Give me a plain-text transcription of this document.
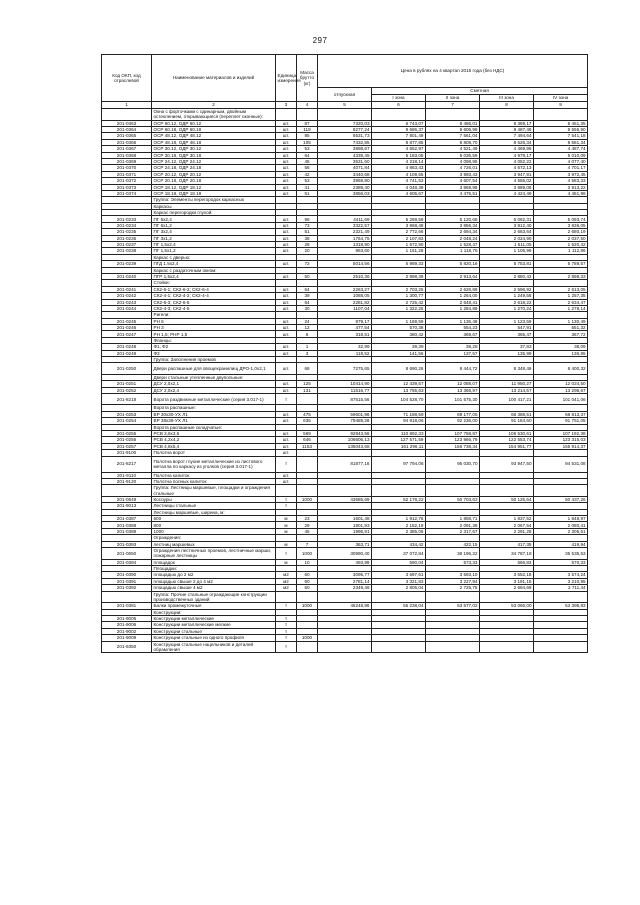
297
Код ОКП, код отраслевой	Наименование материалов и изделий	Единица измерения	Масса брутто (кг)	Цена в рублях на 4 квартал 2015 года (без НДС)				
				отпускная	Сметная			
					I зона	II зона	III зона	IV зона
1	2	3	4	5	6	7	8	9
	Окна с форточками с одинарным, двойным остеклением, открывающиеся (переплет оконные):							
201-0363	ОСР 60.12, ОДР 60.12	шт.	87	7320,03	6 743,07	8 486,01	8 369,17	8 451,35
201-0364	ОСР 60.18, ОДР 60.18	шт.	119	8277,24	9 686,37	9 606,99	9 487,49	9 556,90
201-0365	ОСР 48.12, ОДР 48.12	шт.	85	6531,73	7 801,49	7 561,04	7 494,64	7 541,18
201-0366	ОСР 48.18, ОДР 48.18	шт.	105	7432,85	8 877,85	8 808,70	8 526,34	8 581,34
201-0367	ОСР 30.12, ОДР 30.12	шт.	53	3898,67	4 652,97	4 521,49	4 469,96	4 487,74
201-0368	ОСР 30.18, ОДР 30.18	шт.	64	4339,45	5 183,05	5 036,59	4 979,17	5 010,09
201-0369	ОСР 24.12, ОДР 24.12	шт.	45	3531,60	4 218,14	4 098,95	4 052,22	4 077,40
201-0370	ОСР 24.18, ОДР 24.18	шт.	56	4071,84	4 863,43	4 726,01	4 672,13	4 701,17
201-0371	ОСР 20.12, ОДР 20.12	шт.	42	3440,68	4 109,55	3 993,43	3 947,91	3 972,45
201-0372	ОСР 20.18, ОДР 20.18	шт.	53	3969,80	4 741,53	4 607,54	4 555,02	4 583,33
201-0373	ОСР 18.12, ОДР 18.12	шт.	41	2389,40	4 048,39	3 869,98	3 889,06	3 913,22
201-0374	ОСР 18.18, ОДР 18.18	шт.	51	3856,03	4 605,67	4 475,51	4 424,49	4 451,98
	Группа: Элементы перегородок каркасных							
	Каркасы							
	Каркас перегородки глухой:							
201-0233	ПГ 6х2,4	шт.	96	4411,69	5 269,59	5 120,66	5 062,31	5 093,74
201-0234	ПГ 6х1,2	шт.	73	3322,57	3 968,48	3 856,34	3 812,40	3 836,05
201-0235	ПГ 3х2,4	шт.	51	2321,49	2 772,66	2 694,34	2 663,64	2 680,19
201-0236	ПГ 3х1,2	шт.	38	1764,75	2 107,83	2 048,24	2 024,90	2 037,50
201-0237	ПГ 1,5х2,4	шт.	28	1318,90	1 572,90	1 528,47	1 511,05	1 520,42
201-0238	ПГ 1,5х1,2	шт.	20	963,60	1 151,28	1 118,76	1 105,99	1 112,86
	Каркас с дверью:							
201-0239	ПГД 1,5х2,4	шт.	72	5014,56	5 989,33	5 820,16	5 753,81	5 789,57
	Каркас с раздаточным окном:							
201-0240	ПГР 1,5х2,4	шт.	50	2510,36	2 998,39	2 913,64	2 880,42	2 898,33
	Стойки:							
201-0241	СК2-6-1; СК2-6-2; СК2-6-4	шт.	64	2263,27	2 703,25	2 626,89	2 596,92	2 613,05
201-0242	СК2-4-1; СК2-4-2; СК2-4-4	шт.	39	1088,05	1 300,77	1 264,00	1 249,58	1 257,35
201-0243	СК2-6-3; СК2-6-5	шт.	64	2281,82	2 725,42	2 648,41	2 618,22	2 634,47
201-0244	СК2-4-3; СК2-4-5	шт.	30	1107,04	1 322,25	1 284,89	1 270,24	1 278,14
	Ригели:							
201-0245	РН 6	шт.	24	979,17	1 169,59	1 136,48	1 123,59	1 130,49
201-0246	РН 3	шт.	12	477,54	570,38	554,23	547,91	551,32
201-0247	РН 1,5; РНР 1,5	шт.	6	318,51	380,42	369,67	365,47	367,72
	Фланцы:							
201-0248	Ф1, Ф2	шт.	1	32,99	39,39	38,28	37,83	38,09
201-0249	Ф3	шт.	3	118,52	141,56	137,57	135,99	136,85
	Группа: Заполнения проемов							
201-0250	Двери распашные для овощехранилищ ДРО-1,0х2,1	шт.	68	7275,65	8 690,26	8 444,72	8 348,46	8 400,32
	Двери стальные утепленные двупольные:							
201-0251	ДСУ 2,0х2,1	шт.	125	10414,90	12 439,57	12 088,07	11 950,27	12 024,50
201-0252	ДСУ 2,0х2,4	шт.	131	11516,77	13 755,63	13 366,97	13 214,57	13 296,67
201-8218	Ворота раздвижные металлические (серия 3.017-1)	т		87515,56	104 528,70	101 575,30	100 417,21	101 041,06
	Ворота распашные:							
201-0253	ВР 30х30-УХ Л1	шт.	475	59601,96	71 188,59	69 177,05	68 388,51	68 813,37
201-0254	ВР 38х36-УХ Л1	шт.	635	79489,28	94 918,06	92 236,00	91 184,60	91 751,05
	Ворота распашные складчатые:							
201-0255	РСВ 3,6х3,6	шт.	569	92843,56	110 892,33	107 758,87	106 530,61	107 192,38
201-0256	РСВ 4,2х4,2	шт.	646	106606,13	127 571,59	123 966,79	122 553,74	123 315,03
201-0257	РСВ 4,8х5,4	шт.	1153	135043,68	161 296,11	156 738,34	154 951,77	155 914,37
201-9100	Полотна ворот	шт.						
201-8217	Полотна ворот глухие металлические из листового металла по каркасу из уголков (серия 3.017-1)	т		81877,16	97 794,06	95 030,70	93 947,50	94 531,08
201-9110	Полотна калиток	шт.						
201-9120	Полотна полных калиток	шт.						
	Группа: Лестницы маршевые, площадки и ограждения стальные							
201-0649	Косоуры	т	1000	43685,69	52 178,22	50 703,63	50 125,64	50 437,26
201-9013	Лестницы стальные	т						
	Лестницы маршевые, ширина, м:							
201-0387	600	м	23	1601,48	1 912,76	1 858,71	1 837,52	1 848,97
201-0388	800	м	29	1801,93	2 152,19	2 091,38	2 067,54	2 080,41
201-0389	1000	м	45	1996,91	2 385,06	2 317,67	2 291,28	2 305,51
	Ограждения:							
201-0393	лестниц маршевых	м	7	363,71	434,42	422,15	417,35	419,94
201-0650	Ограждения лестничных проемов, лестничные марши, пожарные лестницы	т	1000	30990,40	37 072,84	36 196,32	34 787,18	35 535,53
201-0394	площадок	м	10	493,99	590,04	573,33	566,83	570,33
	Площадки:							
201-0390	площадью до 2 м2	м2	60	3095,77	3 697,61	3 593,10	3 552,18	3 574,24
201-0391	площадью свыше 2 до 4 м2	м2	60	2781,14	3 321,83	3 227,94	3 191,15	3 210,95
201-0392	площадью свыше 4 м2	м2	60	2349,46	2 805,04	2 725,75	2 694,69	2 711,44
	Группа: Прочие стальные ограждающие конструкции производственных зданий							
201-0381	Балки промежуточные	т	1000	46248,96	55 238,04	53 677,02	53 066,00	53 395,83
	Конструкции:							
201-9005	Конструкции металлические	т						
201-9006	Конструкции металлические мелкие	т						
201-9002	Конструкции стальные	т						
201-9009	Конструкции стальные из одного профиля	т	1000					
201-9350	Конструкции стальные нацельников и деталей обрамления	т						
